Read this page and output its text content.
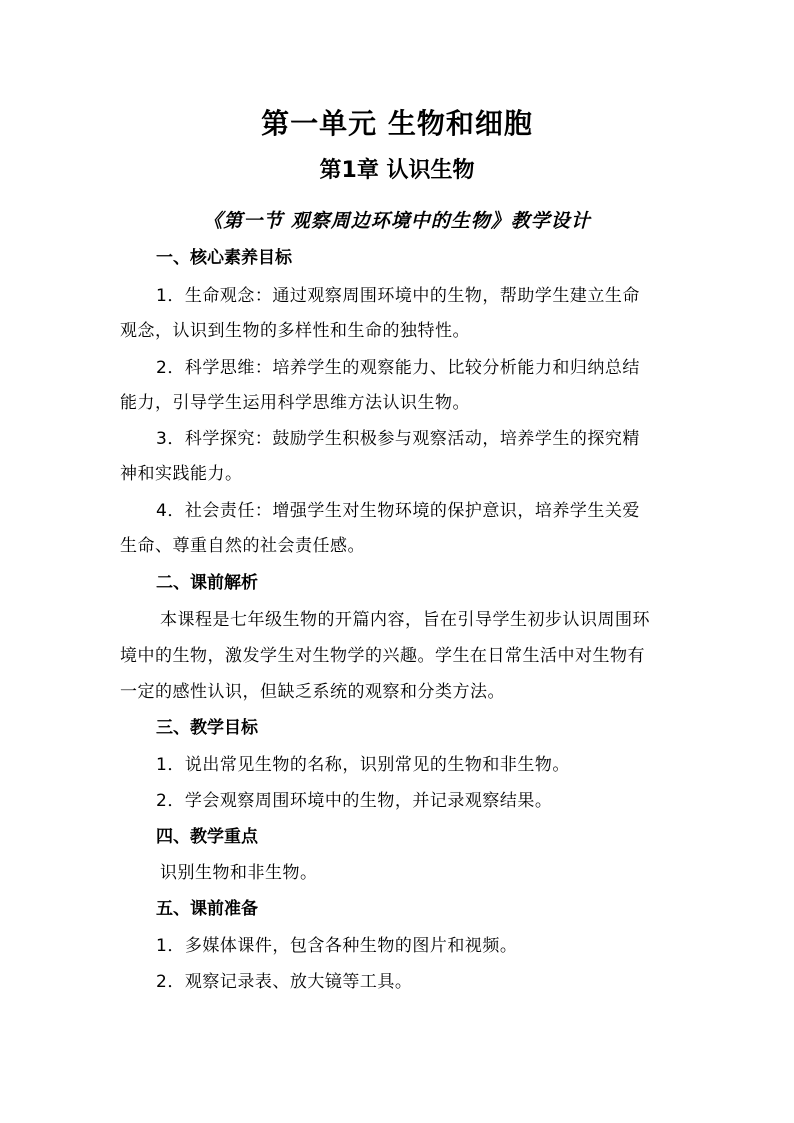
第一单元 生物和细胞
第1章 认识生物
《第一节 观察周边环境中的生物》教学设计
一、核心素养目标
1．生命观念：通过观察周围环境中的生物，帮助学生建立生命
观念，认识到生物的多样性和生命的独特性。
2．科学思维：培养学生的观察能力、比较分析能力和归纳总结
能力，引导学生运用科学思维方法认识生物。
3．科学探究：鼓励学生积极参与观察活动，培养学生的探究精
神和实践能力。
4．社会责任：增强学生对生物环境的保护意识，培养学生关爱
生命、尊重自然的社会责任感。
二、课前解析
本课程是七年级生物的开篇内容，旨在引导学生初步认识周围环
境中的生物，激发学生对生物学的兴趣。学生在日常生活中对生物有
一定的感性认识，但缺乏系统的观察和分类方法。
三、教学目标
1．说出常见生物的名称，识别常见的生物和非生物。
2．学会观察周围环境中的生物，并记录观察结果。
四、教学重点
识别生物和非生物。
五、课前准备
1．多媒体课件，包含各种生物的图片和视频。
2．观察记录表、放大镜等工具。
